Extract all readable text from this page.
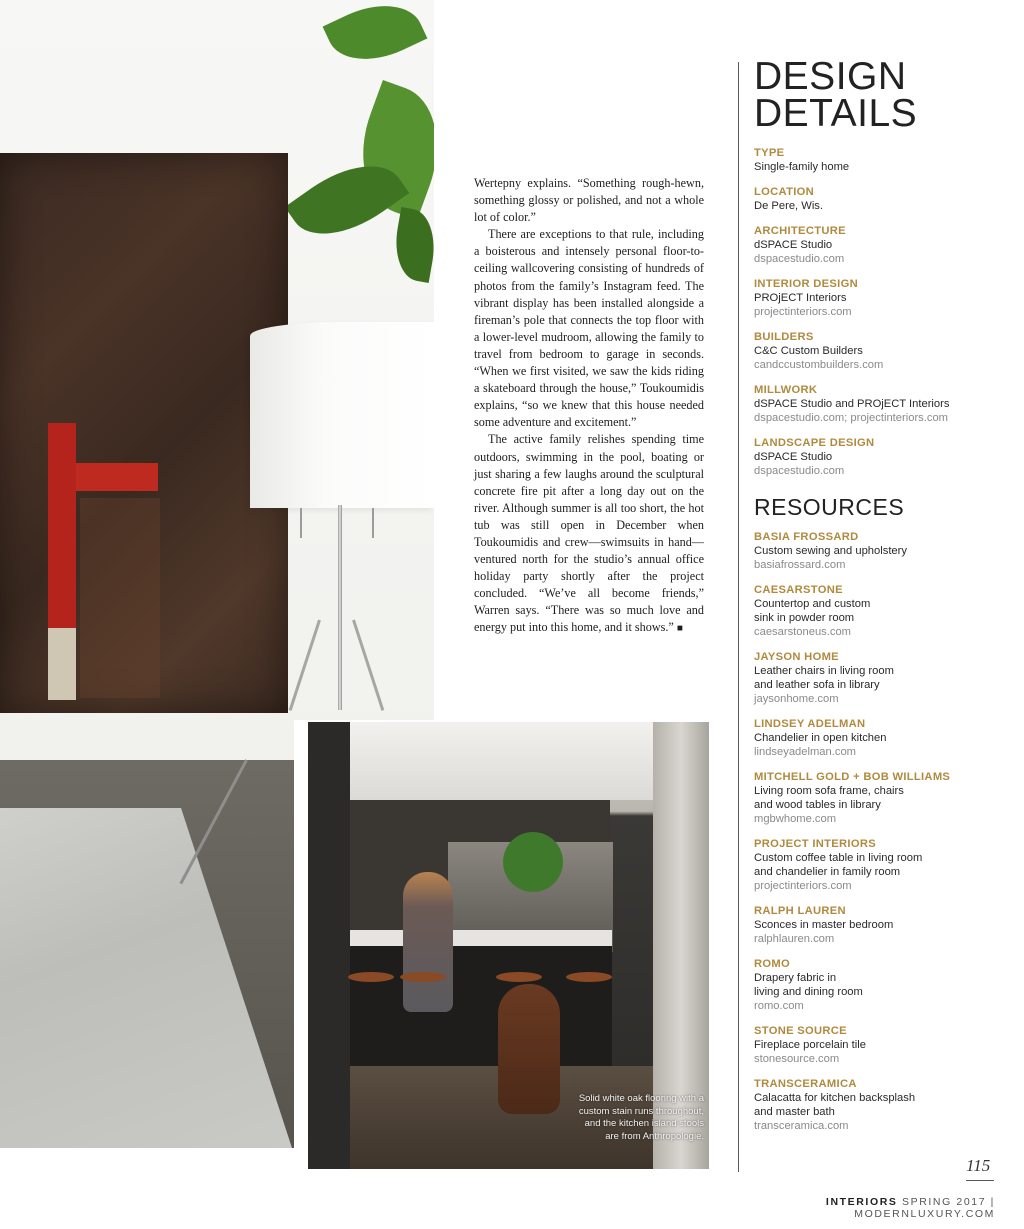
Wertepny explains. “Something rough-hewn, something glossy or polished, and not a whole lot of color.”

There are exceptions to that rule, including a boisterous and intensely personal floor-to-ceiling wallcovering consisting of hundreds of photos from the family’s Instagram feed. The vibrant display has been installed alongside a fireman’s pole that connects the top floor with a lower-level mudroom, allowing the family to travel from bedroom to garage in seconds. “When we first visited, we saw the kids riding a skateboard through the house,” Toukoumidis explains, “so we knew that this house needed some adventure and excitement.”

The active family relishes spending time outdoors, swimming in the pool, boating or just sharing a few laughs around the sculptural concrete fire pit after a long day out on the river. Although summer is all too short, the hot tub was still open in December when Toukoumidis and crew—swimsuits in hand—ventured north for the studio’s annual office holiday party shortly after the project concluded. “We’ve all become friends,” Warren says. “There was so much love and energy put into this home, and it shows.” ■

Solid white oak flooring with a custom stain runs throughout, and the kitchen island stools are from Anthropologie.
DESIGN
DETAILS
TYPE
Single-family home
LOCATION
De Pere, Wis.
ARCHITECTURE
dSPACE Studio
dspacestudio.com
INTERIOR DESIGN
PROjECT Interiors
projectinteriors.com
BUILDERS
C&C Custom Builders
candccustombuilders.com
MILLWORK
dSPACE Studio and PROjECT Interiors
dspacestudio.com; projectinteriors.com
LANDSCAPE DESIGN
dSPACE Studio
dspacestudio.com
RESOURCES
BASIA FROSSARD
Custom sewing and upholstery
basiafrossard.com
CAESARSTONE
Countertop and custom
sink in powder room
caesarstoneus.com
JAYSON HOME
Leather chairs in living room
and leather sofa in library
jaysonhome.com
LINDSEY ADELMAN
Chandelier in open kitchen
lindseyadelman.com
MITCHELL GOLD + BOB WILLIAMS
Living room sofa frame, chairs
and wood tables in library
mgbwhome.com
PROJECT INTERIORS
Custom coffee table in living room
and chandelier in family room
projectinteriors.com
RALPH LAUREN
Sconces in master bedroom
ralphlauren.com
ROMO
Drapery fabric in
living and dining room
romo.com
STONE SOURCE
Fireplace porcelain tile
stonesource.com
TRANSCERAMICA
Calacatta for kitchen backsplash
and master bath
transceramica.com
115
INTERIORS SPRING 2017 | MODERNLUXURY.COM
